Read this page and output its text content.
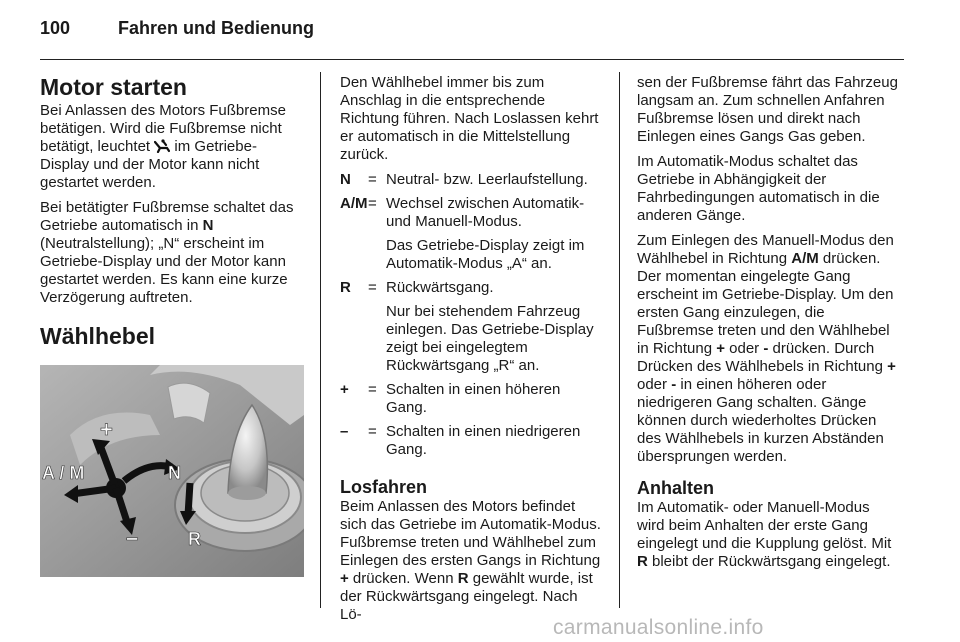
100	Fahren und Bedienung
Motor starten

Bei Anlassen des Motors Fußbremse betätigen. Wird die Fußbremse nicht betätigt, leuchtet  im Getriebe-Display und der Motor kann nicht gestartet werden.

Bei betätigter Fußbremse schaltet das Getriebe automatisch in N (Neutralstellung); „N“ erscheint im Getriebe-Display und der Motor kann gestartet werden. Es kann eine kurze Verzögerung auftreten.

Wählhebel
+
A / M
–
N
R

Den Wählhebel immer bis zum Anschlag in die entsprechende Richtung führen. Nach Loslassen kehrt er automatisch in die Mittelstellung zurück.

N	=	Neutral- bzw. Leerlaufstellung.
A/M	=	Wechsel zwischen Automatik- und Manuell-Modus.
		Das Getriebe-Display zeigt im Automatik-Modus „A“ an.
R	=	Rückwärtsgang.
		Nur bei stehendem Fahrzeug einlegen. Das Getriebe-Display zeigt bei eingelegtem Rückwärtsgang „R“ an.
+	=	Schalten in einen höheren Gang.
–	=	Schalten in einen niedrigeren Gang.
Losfahren

Beim Anlassen des Motors befindet sich das Getriebe im Automatik-Modus. Fußbremse treten und Wählhebel zum Einlegen des ersten Gangs in Richtung + drücken. Wenn R gewählt wurde, ist der Rückwärtsgang eingelegt. Nach Lö-

sen der Fußbremse fährt das Fahrzeug langsam an. Zum schnellen Anfahren Fußbremse lösen und direkt nach Einlegen eines Gangs Gas geben.

Im Automatik-Modus schaltet das Getriebe in Abhängigkeit der Fahrbedingungen automatisch in die anderen Gänge.

Zum Einlegen des Manuell-Modus den Wählhebel in Richtung A/M drücken. Der momentan eingelegte Gang erscheint im Getriebe-Display. Um den ersten Gang einzulegen, die Fußbremse treten und den Wählhebel in Richtung + oder - drücken. Durch Drücken des Wählhebels in Richtung + oder - in einen höheren oder niedrigeren Gang schalten. Gänge können durch wiederholtes Drücken des Wählhebels in kurzen Abständen übersprungen werden.

Anhalten

Im Automatik- oder Manuell-Modus wird beim Anhalten der erste Gang eingelegt und die Kupplung gelöst. Mit R bleibt der Rückwärtsgang eingelegt.

carmanualsonline.info
